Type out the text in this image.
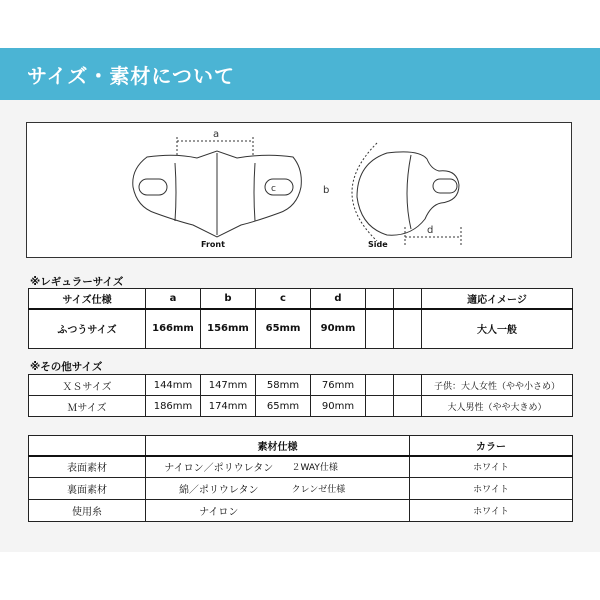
サイズ・素材について
a
c	b
d
Front	Side
※レギュラーサイズ
サイズ仕様	a	b	c	d			適応イメージ
ふつうサイズ	166mm	156mm	65mm	90mm			大人一般
※その他サイズ
ＸＳサイズ	144mm	147mm	58mm	76mm			子供：大人女性（やや小さめ）
Ｍサイズ	186mm	174mm	65mm	90mm			大人男性（やや大きめ）
	素材仕様		カラー
表面素材	ナイロン／ポリウレタン	２WAY仕様	ホワイト
裏面素材	綿／ポリウレタン	クレンゼ仕様	ホワイト
使用糸	ナイロン		ホワイト
